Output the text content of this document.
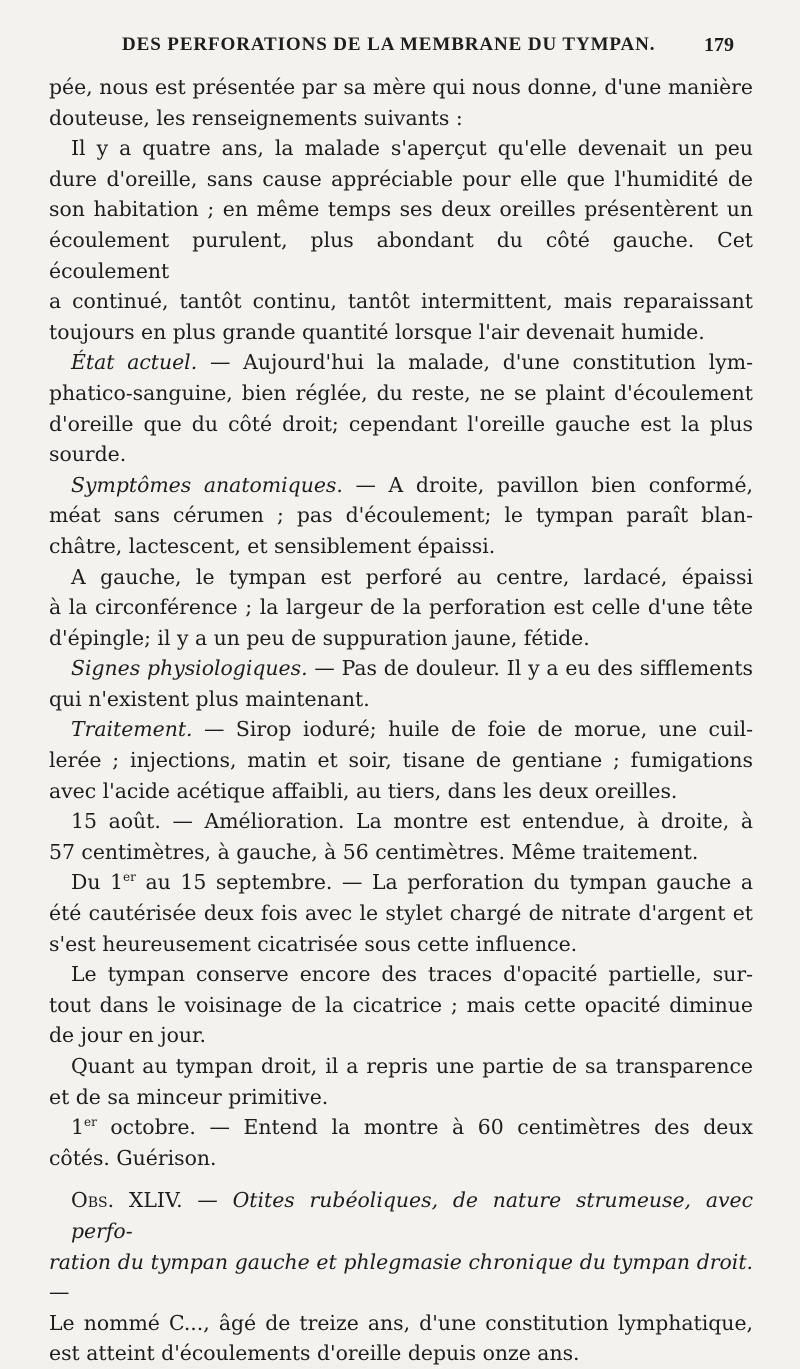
DES PERFORATIONS DE LA MEMBRANE DU TYMPAN. 179
pée, nous est présentée par sa mère qui nous donne, d'une manière
douteuse, les renseignements suivants :
Il y a quatre ans, la malade s'aperçut qu'elle devenait un peu
dure d'oreille, sans cause appréciable pour elle que l'humidité de
son habitation ; en même temps ses deux oreilles présentèrent un
écoulement purulent, plus abondant du côté gauche. Cet écoulement
a continué, tantôt continu, tantôt intermittent, mais reparaissant
toujours en plus grande quantité lorsque l'air devenait humide.
État actuel. — Aujourd'hui la malade, d'une constitution lym-
phatico-sanguine, bien réglée, du reste, ne se plaint d'écoulement
d'oreille que du côté droit; cependant l'oreille gauche est la plus
sourde.
Symptômes anatomiques. — A droite, pavillon bien conformé,
méat sans cérumen ; pas d'écoulement; le tympan paraît blan-
châtre, lactescent, et sensiblement épaissi.
A gauche, le tympan est perforé au centre, lardacé, épaissi
à la circonférence ; la largeur de la perforation est celle d'une tête
d'épingle; il y a un peu de suppuration jaune, fétide.
Signes physiologiques. — Pas de douleur. Il y a eu des sifflements
qui n'existent plus maintenant.
Traitement. — Sirop ioduré; huile de foie de morue, une cuil-
lerée ; injections, matin et soir, tisane de gentiane ; fumigations
avec l'acide acétique affaibli, au tiers, dans les deux oreilles.
15 août. — Amélioration. La montre est entendue, à droite, à
57 centimètres, à gauche, à 56 centimètres. Même traitement.
Du 1er au 15 septembre. — La perforation du tympan gauche a
été cautérisée deux fois avec le stylet chargé de nitrate d'argent et
s'est heureusement cicatrisée sous cette influence.
Le tympan conserve encore des traces d'opacité partielle, sur-
tout dans le voisinage de la cicatrice ; mais cette opacité diminue
de jour en jour.
Quant au tympan droit, il a repris une partie de sa transparence
et de sa minceur primitive.
1er octobre. — Entend la montre à 60 centimètres des deux
côtés. Guérison.
Obs. XLIV. — Otites rubéoliques, de nature strumeuse, avec perfo-
ration du tympan gauche et phlegmasie chronique du tympan droit. —
Le nommé C..., âgé de treize ans, d'une constitution lymphatique,
est atteint d'écoulements d'oreille depuis onze ans.
